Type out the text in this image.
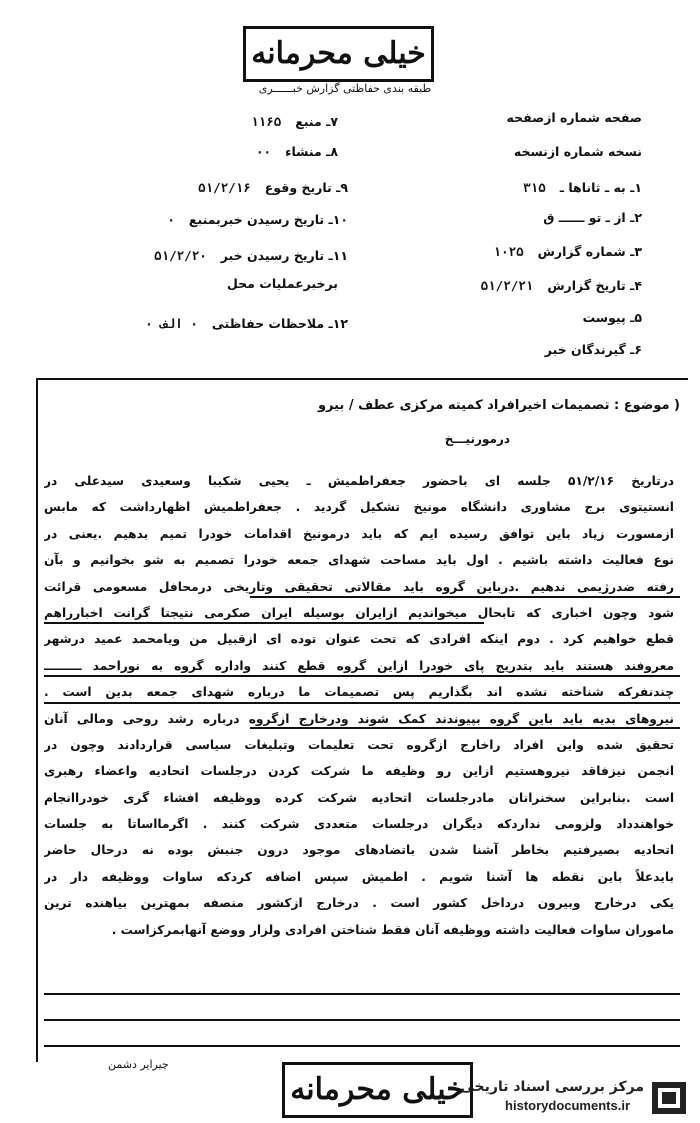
خیلی محرمانه
طبقه بندی حفاظتی گزارش خبــــــری
صفحه شماره ازصفحه
نسخه شماره ازنسخه
۱ـ به ـ ثاناها ـ۳۱۵
۲ـ از ـ تو ــــــ ق
۳ـ شماره گزارش۱۰۲۵
۴ـ تاریخ گزارش۵۱/۲/۲۱
۵ـ پیوست
۶ـ گیرندگان خبر
۷ـ منبع۱۱۶۵
۸ـ منشاء۰۰
۹ـ تاریخ وقوع۵۱/۲/۱۶
۱۰ـ تاریخ رسیدن خبربمنبع۰
۱۱ـ تاریخ رسیدن خبر۵۱/۲/۲۰
برخبرعملیات محل
۱۲ـ ملاحظات حفاظتی۰ الف ۰
( موضوع : تصمیمات اخیرافراد کمیته مرکزی عطف / بیرو
درمورنیـــخ
درتاریخ ۵۱/۲/۱۶ جلسه ای باحضور جعفراطمیش ـ یحیی شکیبا وسعیدی سیدعلی در
انستیتوی برج مشاوری دانشگاه مونیخ تشکیل گردید . جعفراطمیش اظهارداشت که مابس
ازمسورت زیاد باین توافق رسیده ایم که باید درمونیخ اقدامات خودرا تمیم بدهیم .یعنی در
نوع فعالیت داشته باشیم . اول باید مساحت شهدای جمعه خودرا تصمیم به شو بخوانیم و بآن
رفته ضدرژیمی ندهیم .درباین گروه باید مقالاتی تحقیقی وتاریخی درمحافل مسعومی قرائت
شود وچون اخباری که تابحال میخواندیم ازایران بوسیله ایران صکرمی نتیجتا گرانت اخبارراهم
قطع خواهیم کرد . دوم اینکه افرادی که تحت عنوان توده ای ازقبیل من ویامحمد عمید درشهر
معروفند هستند باید بتدریج پای خودرا ازاین گروه قطع کنند واداره گروه به نوراحمد ـــــــــ
چندنفرکه شناخته نشده اند بگذاریم پس تصمیمات ما درباره شهدای جمعه بدین است .
نیروهای بدیه باید باین گروه بپیوندند کمک شوند ودرخارج ازگروه درباره رشد روحی ومالی آنان
تحقیق شده واین افراد راخارج ازگروه تحت تعلیمات وتبلیغات سیاسی قراردادند وچون در
انجمن نیزفاقد نیروهستیم ازاین رو وظیفه ما شرکت کردن درجلسات اتحادیه واعضاء رهبری
است .بنابراین سخنرانان مادرجلسات اتحادیه شرکت کرده ووظیفه افشاء گری خودراانجام
خواهندداد ولزومی نداردکه دیگران درجلسات متعددی شرکت کنند . اگرمااساتا به جلسات
اتحادیه بصیرفتیم بخاطر آشنا شدن باتضادهای موجود درون جنبش بوده نه درحال حاضر
بایدعلاً باین نقطه ها آشنا شویم . اطمیش سپس اضافه کردکه ساوات ووظیفه دار در
یکی درخارج وبیرون درداخل کشور است . درخارج ازکشور منصفه بمهترین بیاهنده ترین
ماموران ساوات فعالیت داشته ووظیفه آنان فقط شناختن افرادی ولزار ووضع آنهابمرکزاست .
چیرایر دشمن
خیلی محرمانه
مرکز بررسی اسناد تاریخی
historydocuments.ir
